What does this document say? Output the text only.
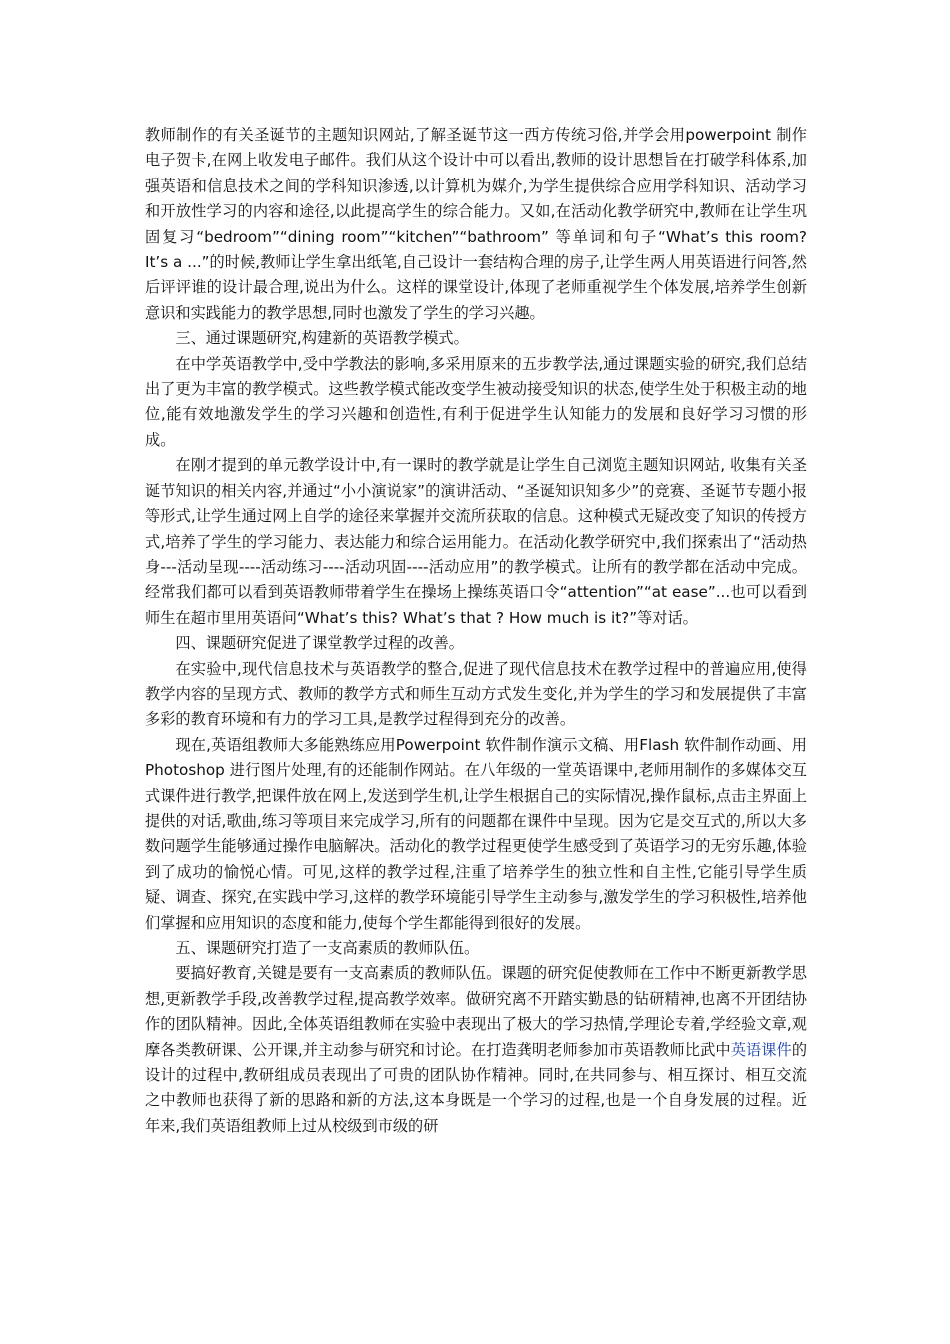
教师制作的有关圣诞节的主题知识网站,了解圣诞节这一西方传统习俗,并学会用powerpoint 制作电子贺卡,在网上收发电子邮件。我们从这个设计中可以看出,教师的设计思想旨在打破学科体系,加强英语和信息技术之间的学科知识渗透,以计算机为媒介,为学生提供综合应用学科知识、活动学习和开放性学习的内容和途径,以此提高学生的综合能力。又如,在活动化教学研究中,教师在让学生巩固复习“bedroom”“dining room”“kitchen”“bathroom” 等单词和句子“What’s this room? It’s a ...”的时候,教师让学生拿出纸笔,自己设计一套结构合理的房子,让学生两人用英语进行问答,然后评评谁的设计最合理,说出为什么。这样的课堂设计,体现了老师重视学生个体发展,培养学生创新意识和实践能力的教学思想,同时也激发了学生的学习兴趣。

三、通过课题研究,构建新的英语教学模式。

在中学英语教学中,受中学教法的影响,多采用原来的五步教学法,通过课题实验的研究,我们总结出了更为丰富的教学模式。这些教学模式能改变学生被动接受知识的状态,使学生处于积极主动的地位,能有效地激发学生的学习兴趣和创造性,有利于促进学生认知能力的发展和良好学习习惯的形成。

在刚才提到的单元教学设计中,有一课时的教学就是让学生自己浏览主题知识网站, 收集有关圣诞节知识的相关内容,并通过“小小演说家”的演讲活动、“圣诞知识知多少”的竞赛、圣诞节专题小报等形式,让学生通过网上自学的途径来掌握并交流所获取的信息。这种模式无疑改变了知识的传授方式,培养了学生的学习能力、表达能力和综合运用能力。在活动化教学研究中,我们探索出了“活动热身---活动呈现----活动练习----活动巩固----活动应用”的教学模式。让所有的教学都在活动中完成。经常我们都可以看到英语教师带着学生在操场上操练英语口令“attention”“at ease”...也可以看到师生在超市里用英语问“What’s this? What’s that ? How much is it?”等对话。

四、课题研究促进了课堂教学过程的改善。

在实验中,现代信息技术与英语教学的整合,促进了现代信息技术在教学过程中的普遍应用,使得教学内容的呈现方式、教师的教学方式和师生互动方式发生变化,并为学生的学习和发展提供了丰富多彩的教育环境和有力的学习工具,是教学过程得到充分的改善。

现在,英语组教师大多能熟练应用Powerpoint 软件制作演示文稿、用Flash 软件制作动画、用Photoshop 进行图片处理,有的还能制作网站。在八年级的一堂英语课中,老师用制作的多媒体交互式课件进行教学,把课件放在网上,发送到学生机,让学生根据自己的实际情况,操作鼠标,点击主界面上提供的对话,歌曲,练习等项目来完成学习,所有的问题都在课件中呈现。因为它是交互式的,所以大多数问题学生能够通过操作电脑解决。活动化的教学过程更使学生感受到了英语学习的无穷乐趣,体验到了成功的愉悦心情。可见,这样的教学过程,注重了培养学生的独立性和自主性,它能引导学生质疑、调查、探究,在实践中学习,这样的教学环境能引导学生主动参与,激发学生的学习积极性,培养他们掌握和应用知识的态度和能力,使每个学生都能得到很好的发展。

五、课题研究打造了一支高素质的教师队伍。

要搞好教育,关键是要有一支高素质的教师队伍。课题的研究促使教师在工作中不断更新教学思想,更新教学手段,改善教学过程,提高教学效率。做研究离不开踏实勤恳的钻研精神,也离不开团结协作的团队精神。因此,全体英语组教师在实验中表现出了极大的学习热情,学理论专着,学经验文章,观摩各类教研课、公开课,并主动参与研究和讨论。在打造龚明老师参加市英语教师比武中英语课件的设计的过程中,教研组成员表现出了可贵的团队协作精神。同时,在共同参与、相互探讨、相互交流之中教师也获得了新的思路和新的方法,这本身既是一个学习的过程,也是一个自身发展的过程。近年来,我们英语组教师上过从校级到市级的研
